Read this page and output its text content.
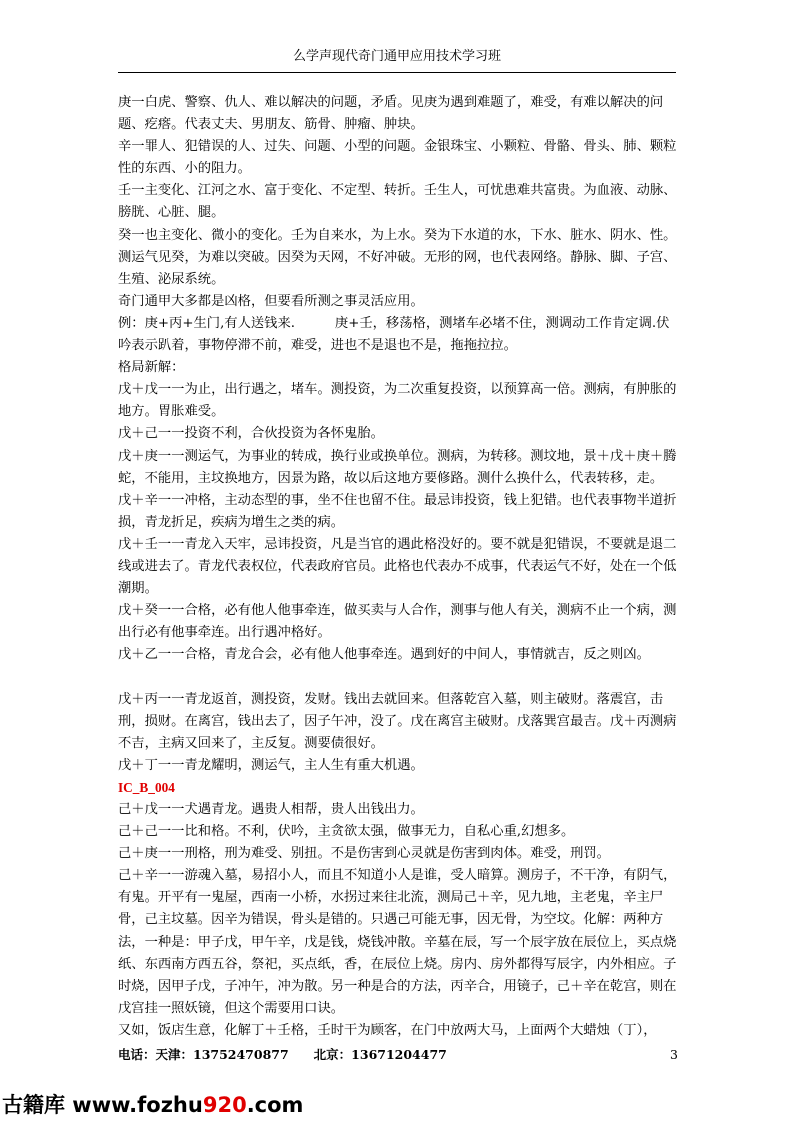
么学声现代奇门通甲应用技术学习班

庚一白虎、警察、仇人、难以解决的问题，矛盾。见庚为遇到难题了，难受，有难以解决的问题、疙瘩。代表丈夫、男朋友、筋骨、肿瘤、肿块。

辛一罪人、犯错误的人、过失、问题、小型的问题。金银珠宝、小颗粒、骨骼、骨头、肺、颗粒性的东西、小的阻力。

壬一主变化、江河之水、富于变化、不定型、转折。壬生人，可忧患难共富贵。为血液、动脉、膀胱、心脏、腿。

癸一也主变化、微小的变化。壬为自来水，为上水。癸为下水道的水，下水、脏水、阴水、性。测运气见癸，为难以突破。因癸为天网，不好冲破。无形的网，也代表网络。静脉、脚、子宫、生殖、泌尿系统。

奇门通甲大多都是凶格，但要看所测之事灵活应用。

例：庚+丙+生门,有人送钱来.　　　庚+壬，移荡格，测堵车必堵不住，测调动工作肯定调.伏吟表示趴着，事物停滞不前，难受，进也不是退也不是，拖拖拉拉。

格局新解：

戊＋戊一一为止，出行遇之，堵车。测投资，为二次重复投资，以预算高一倍。测病，有肿胀的地方。胃胀难受。

戊＋己一一投资不利，合伙投资为各怀鬼胎。

戊＋庚一一测运气，为事业的转成，换行业或换单位。测病，为转移。测坟地，景＋戊＋庚＋腾蛇，不能用，主坟换地方，因景为路，故以后这地方要修路。测什么换什么，代表转移，走。

戊＋辛一一冲格，主动态型的事，坐不住也留不住。最忌讳投资，钱上犯错。也代表事物半道折损，青龙折足，疾病为增生之类的病。

戊＋壬一一青龙入天牢，忌讳投资，凡是当官的遇此格没好的。要不就是犯错误，不要就是退二线或进去了。青龙代表权位，代表政府官员。此格也代表办不成事，代表运气不好，处在一个低潮期。

戊＋癸一一合格，必有他人他事牵连，做买卖与人合作，测事与他人有关，测病不止一个病，测出行必有他事牵连。出行遇冲格好。

戊＋乙一一合格，青龙合会，必有他人他事牵连。遇到好的中间人，事情就吉，反之则凶。

戊＋丙一一青龙返首，测投资，发财。钱出去就回来。但落乾宫入墓，则主破财。落震宫，击刑，损财。在离宫，钱出去了，因子午冲，没了。戊在离宫主破财。戊落巽宫最吉。戊＋丙测病不吉，主病又回来了，主反复。测要债很好。

戊＋丁一一青龙耀明，测运气，主人生有重大机遇。

IC_B_004

己＋戊一一犬遇青龙。遇贵人相帮，贵人出钱出力。

己＋己一一比和格。不利，伏吟，主贪欲太强，做事无力，自私心重,幻想多。

己＋庚一一刑格，刑为难受、别扭。不是伤害到心灵就是伤害到肉体。难受，刑罚。

己＋辛一一游魂入墓，易招小人，而且不知道小人是谁，受人暗算。测房子，不干净，有阴气，有鬼。开平有一鬼屋，西南一小桥，水拐过来往北流，测局己＋辛，见九地，主老鬼，辛主尸骨，己主坟墓。因辛为错误，骨头是错的。只遇己可能无事，因无骨，为空坟。化解：两种方法，一种是：甲子戊，甲午辛，戊是钱，烧钱冲散。辛墓在辰，写一个辰字放在辰位上，买点烧纸、东西南方西五谷，祭祀，买点纸，香，在辰位上烧。房内、房外都得写辰字，内外相应。子时烧，因甲子戊，子冲午，冲为散。另一种是合的方法，丙辛合，用镜子，己＋辛在乾宫，则在戊宫挂一照妖镜，但这个需要用口诀。

又如，饭店生意，化解丁＋壬格，壬时干为顾客，在门中放两大马，上面两个大蜡烛（丁），

电话：天津：13752470877　　北京：13671204477	3
古籍库 www.fozhu920.com
